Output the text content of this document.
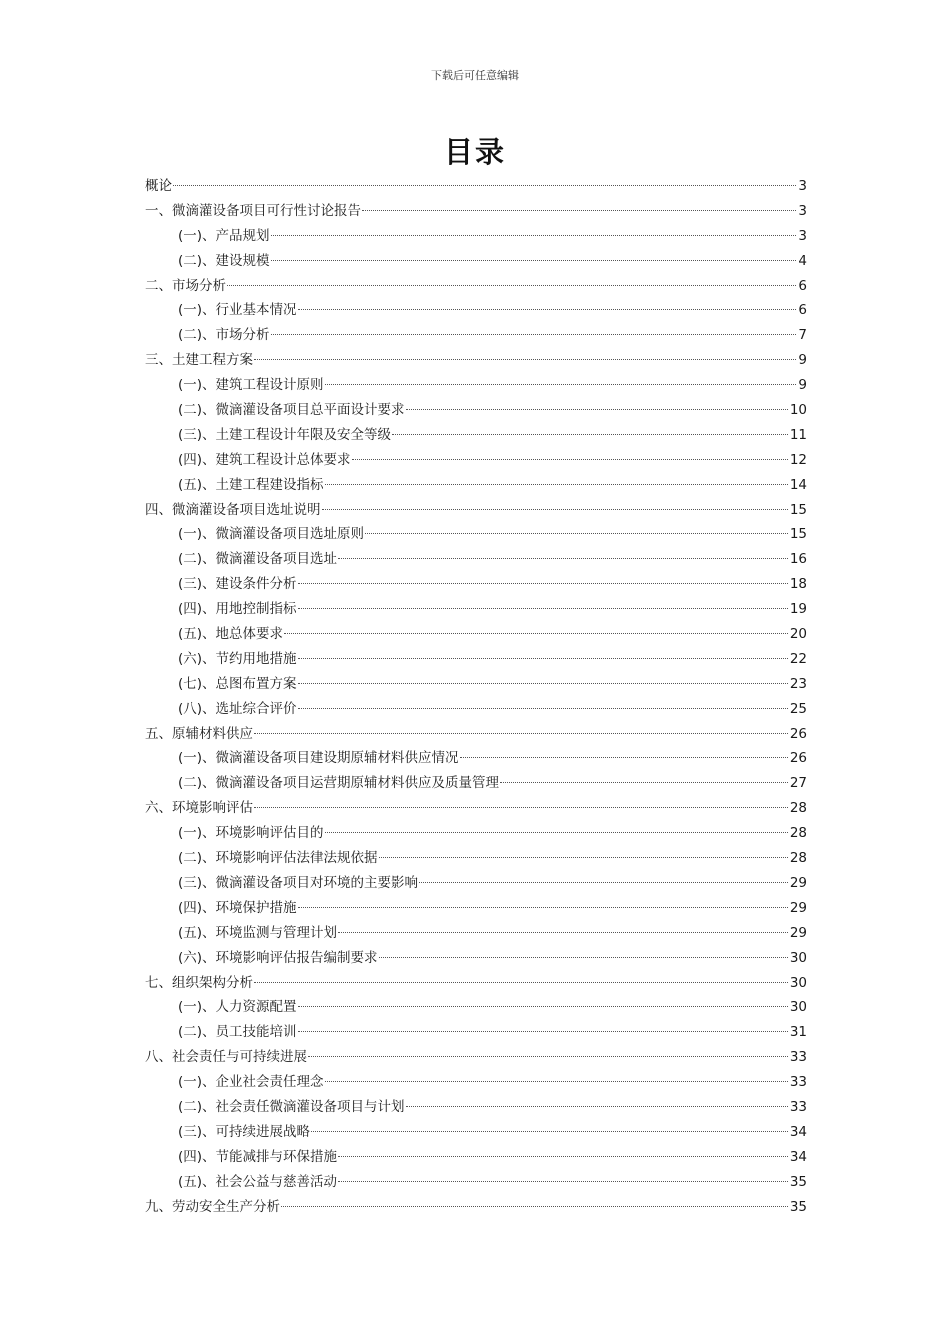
下载后可任意编辑
目录
概论	3
一、微滴灌设备项目可行性讨论报告	3
(一)、产品规划	3
(二)、建设规模	4
二、市场分析	6
(一)、行业基本情况	6
(二)、市场分析	7
三、土建工程方案	9
(一)、建筑工程设计原则	9
(二)、微滴灌设备项目总平面设计要求	10
(三)、土建工程设计年限及安全等级	11
(四)、建筑工程设计总体要求	12
(五)、土建工程建设指标	14
四、微滴灌设备项目选址说明	15
(一)、微滴灌设备项目选址原则	15
(二)、微滴灌设备项目选址	16
(三)、建设条件分析	18
(四)、用地控制指标	19
(五)、地总体要求	20
(六)、节约用地措施	22
(七)、总图布置方案	23
(八)、选址综合评价	25
五、原辅材料供应	26
(一)、微滴灌设备项目建设期原辅材料供应情况	26
(二)、微滴灌设备项目运营期原辅材料供应及质量管理	27
六、环境影响评估	28
(一)、环境影响评估目的	28
(二)、环境影响评估法律法规依据	28
(三)、微滴灌设备项目对环境的主要影响	29
(四)、环境保护措施	29
(五)、环境监测与管理计划	29
(六)、环境影响评估报告编制要求	30
七、组织架构分析	30
(一)、人力资源配置	30
(二)、员工技能培训	31
八、社会责任与可持续进展	33
(一)、企业社会责任理念	33
(二)、社会责任微滴灌设备项目与计划	33
(三)、可持续进展战略	34
(四)、节能减排与环保措施	34
(五)、社会公益与慈善活动	35
九、劳动安全生产分析	35
